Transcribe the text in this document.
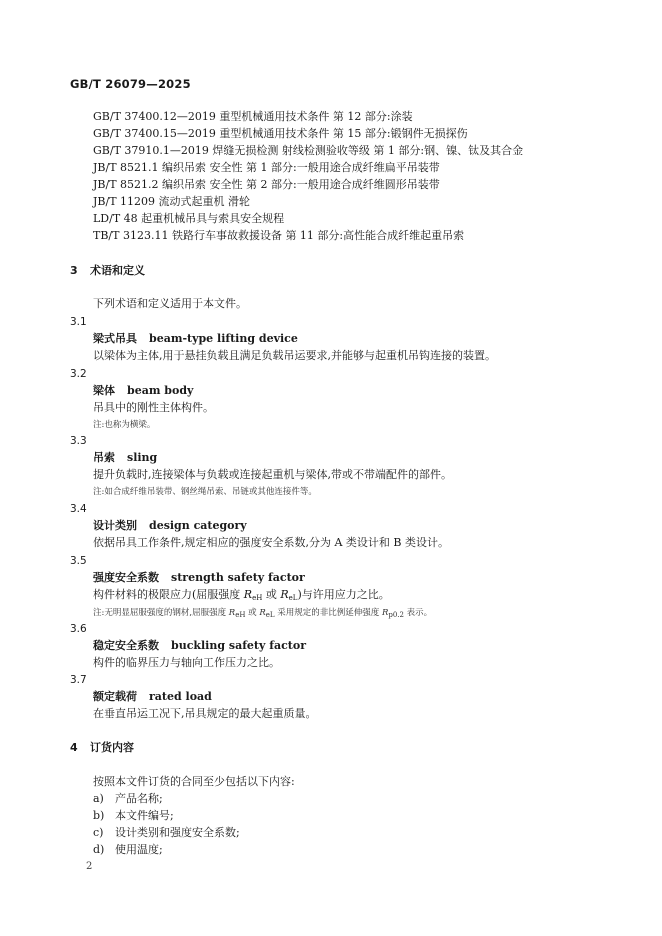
GB/T 26079—2025
GB/T 37400.12—2019 重型机械通用技术条件 第 12 部分:涂装
GB/T 37400.15—2019 重型机械通用技术条件 第 15 部分:锻钢件无损探伤
GB/T 37910.1—2019 焊缝无损检测 射线检测验收等级 第 1 部分:钢、镍、钛及其合金
JB/T 8521.1 编织吊索 安全性 第 1 部分:一般用途合成纤维扁平吊装带
JB/T 8521.2 编织吊索 安全性 第 2 部分:一般用途合成纤维圆形吊装带
JB/T 11209 流动式起重机 滑轮
LD/T 48 起重机械吊具与索具安全规程
TB/T 3123.11 铁路行车事故救援设备 第 11 部分:高性能合成纤维起重吊索
3 术语和定义
下列术语和定义适用于本文件。
3.1
梁式吊具 beam-type lifting device
以梁体为主体,用于悬挂负载且满足负载吊运要求,并能够与起重机吊钩连接的装置。
3.2
梁体 beam body
吊具中的刚性主体构件。
注:也称为横梁。
3.3
吊索 sling
提升负载时,连接梁体与负载或连接起重机与梁体,带或不带端配件的部件。
注:如合成纤维吊装带、钢丝绳吊索、吊链或其他连接件等。
3.4
设计类别 design category
依据吊具工作条件,规定相应的强度安全系数,分为 A 类设计和 B 类设计。
3.5
强度安全系数 strength safety factor
构件材料的极限应力(屈服强度 $R_{eH}$ 或 $R_{eL}$)与许用应力之比。
注:无明显屈服强度的钢材,屈服强度 $R_{eH}$ 或 $R_{eL}$ 采用规定的非比例延伸强度 $R_{p0.2}$ 表示。
3.6
稳定安全系数 buckling safety factor
构件的临界压力与轴向工作压力之比。
3.7
额定载荷 rated load
在垂直吊运工况下,吊具规定的最大起重质量。
4 订货内容
按照本文件订货的合同至少包括以下内容:
a) 产品名称;
b) 本文件编号;
c) 设计类别和强度安全系数;
d) 使用温度;
2
